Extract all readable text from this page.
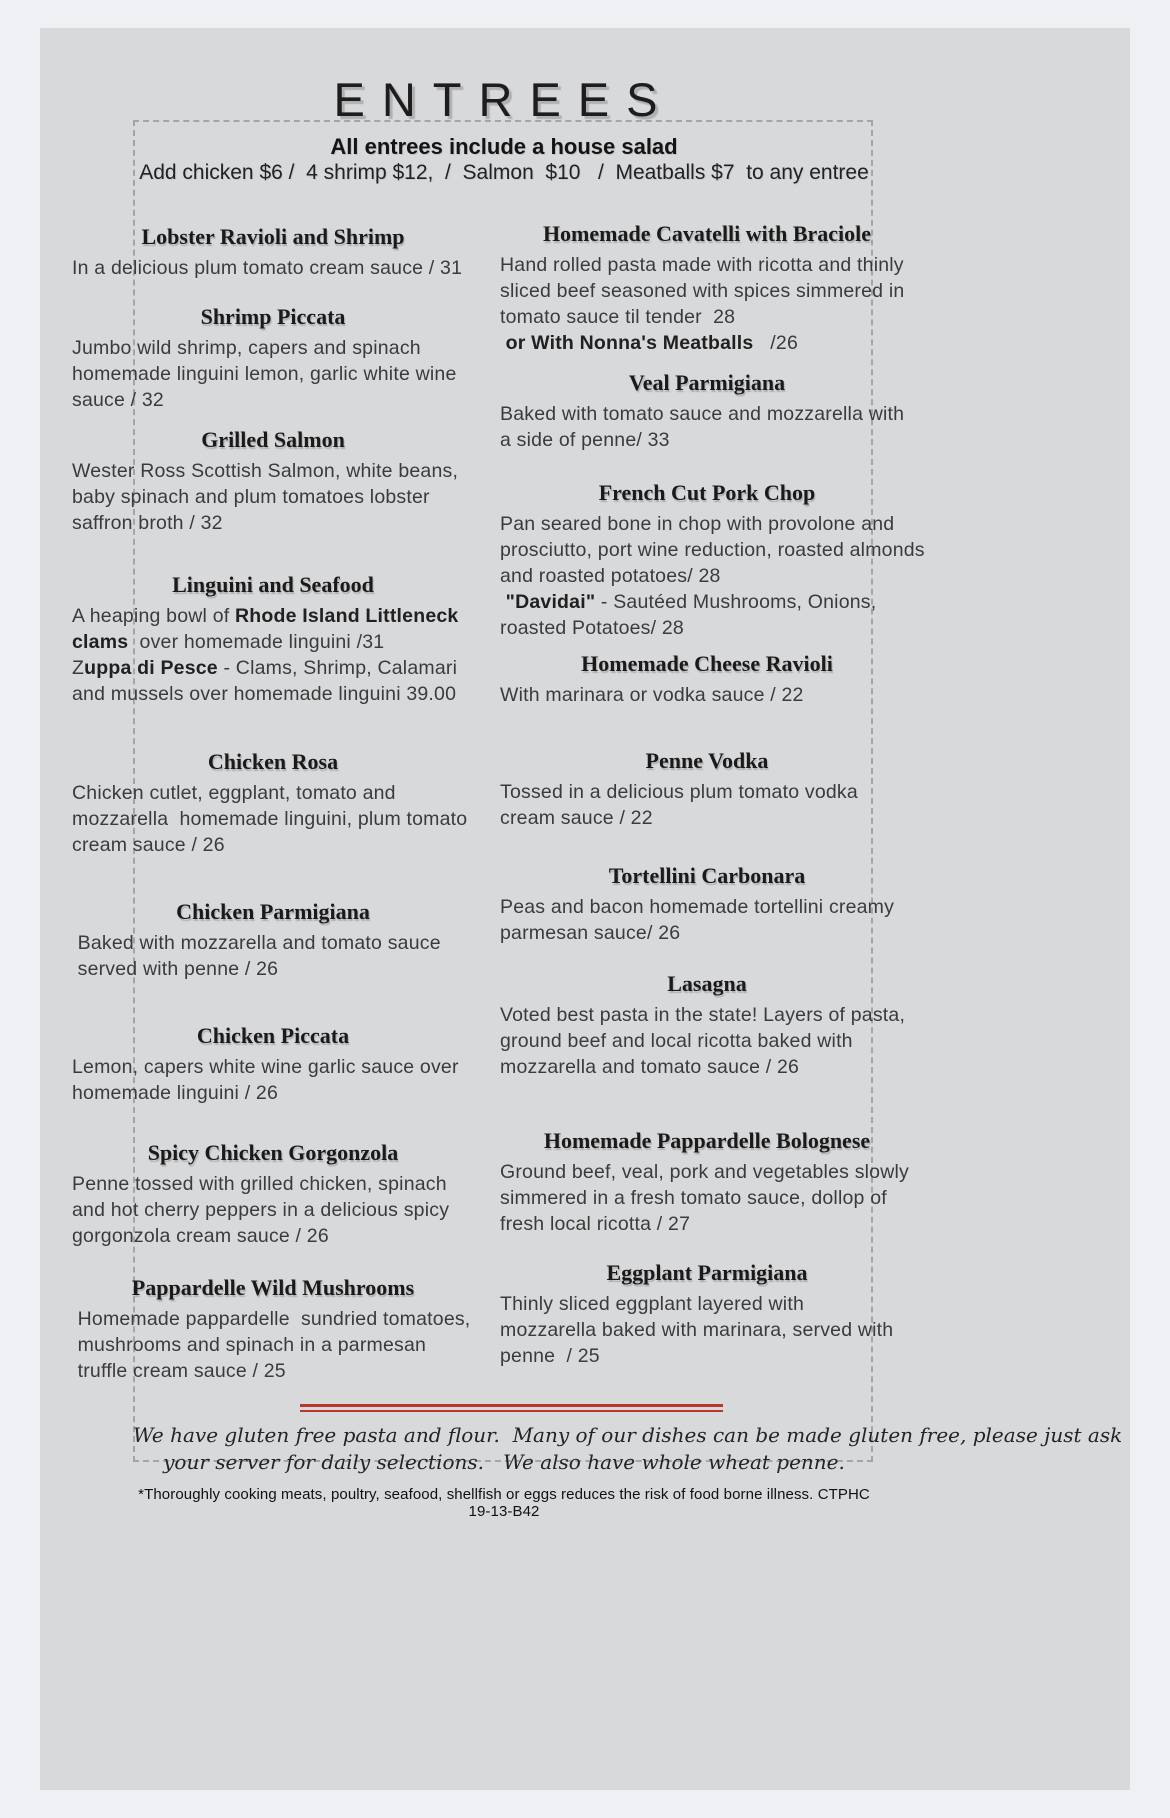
ENTREES
All entrees include a house salad
Add chicken $6 /  4 shrimp $12,  /  Salmon  $10   /  Meatballs $7  to any entree
Lobster Ravioli and Shrimp
In a delicious plum tomato cream sauce / 31
Shrimp Piccata
Jumbo wild shrimp, capers and spinach
homemade linguini lemon, garlic white wine
sauce / 32
Grilled Salmon
Wester Ross Scottish Salmon, white beans,
baby spinach and plum tomatoes lobster
saffron broth / 32
Linguini and Seafood
A heaping bowl of Rhode Island Littleneck
clams  over homemade linguini /31
Zuppa di Pesce - Clams, Shrimp, Calamari
and mussels over homemade linguini 39.00
Chicken Rosa
Chicken cutlet, eggplant, tomato and
mozzarella  homemade linguini, plum tomato
cream sauce / 26
Chicken Parmigiana
Baked with mozzarella and tomato sauce
served with penne / 26
Chicken Piccata
Lemon, capers white wine garlic sauce over
homemade linguini / 26
Spicy Chicken Gorgonzola
Penne tossed with grilled chicken, spinach
and hot cherry peppers in a delicious spicy
gorgonzola cream sauce / 26
Pappardelle Wild Mushrooms
Homemade pappardelle  sundried tomatoes,
mushrooms and spinach in a parmesan
truffle cream sauce / 25
Homemade Cavatelli with Braciole
Hand rolled pasta made with ricotta and thinly
sliced beef seasoned with spices simmered in
tomato sauce til tender  28
or With Nonna's Meatballs   /26
Veal Parmigiana
Baked with tomato sauce and mozzarella with
a side of penne/ 33
French Cut Pork Chop
Pan seared bone in chop with provolone and
prosciutto, port wine reduction, roasted almonds
and roasted potatoes/ 28
"Davidai" - Sautéed Mushrooms, Onions,
roasted Potatoes/ 28
Homemade Cheese Ravioli
With marinara or vodka sauce / 22
Penne Vodka
Tossed in a delicious plum tomato vodka
cream sauce / 22
Tortellini Carbonara
Peas and bacon homemade tortellini creamy
parmesan sauce/ 26
Lasagna
Voted best pasta in the state! Layers of pasta,
ground beef and local ricotta baked with
mozzarella and tomato sauce / 26
Homemade Pappardelle Bolognese
Ground beef, veal, pork and vegetables slowly
simmered in a fresh tomato sauce, dollop of
fresh local ricotta / 27
Eggplant Parmigiana
Thinly sliced eggplant layered with
mozzarella baked with marinara, served with
penne  / 25
We have gluten free pasta and flour.  Many of our dishes can be made gluten free, please just ask
your server for daily selections.   We also have whole wheat penne.
*Thoroughly cooking meats, poultry, seafood, shellfish or eggs reduces the risk of food borne illness. CTPHC 19-13-B42
